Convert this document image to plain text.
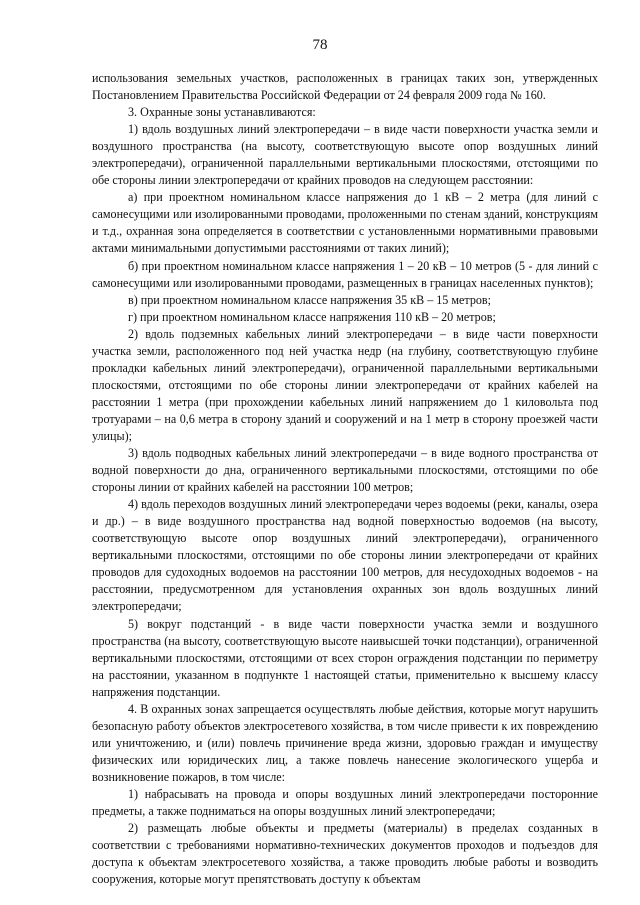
78

использования земельных участков, расположенных в границах таких зон, утвержденных Постановлением Правительства Российской Федерации от 24 февраля 2009 года № 160.

3. Охранные зоны устанавливаются:

1) вдоль воздушных линий электропередачи – в виде части поверхности участка земли и воздушного пространства (на высоту, соответствующую высоте опор воздушных линий электропередачи), ограниченной параллельными вертикальными плоскостями, отстоящими по обе стороны линии электропередачи от крайних проводов на следующем расстоянии:

а) при проектном номинальном классе напряжения до 1 кВ – 2 метра (для линий с самонесущими или изолированными проводами, проложенными по стенам зданий, конструкциям и т.д., охранная зона определяется в соответствии с установленными нормативными правовыми актами минимальными допустимыми расстояниями от таких линий);

б) при проектном номинальном классе напряжения 1 – 20 кВ – 10 метров (5 - для линий с самонесущими или изолированными проводами, размещенных в границах населенных пунктов);

в) при проектном номинальном классе напряжения 35 кВ – 15 метров;

г) при проектном номинальном классе напряжения 110 кВ – 20 метров;

2) вдоль подземных кабельных линий электропередачи – в виде части поверхности участка земли, расположенного под ней участка недр (на глубину, соответствующую глубине прокладки кабельных линий электропередачи), ограниченной параллельными вертикальными плоскостями, отстоящими по обе стороны линии электропередачи от крайних кабелей на расстоянии 1 метра (при прохождении кабельных линий напряжением до 1 киловольта под тротуарами – на 0,6 метра в сторону зданий и сооружений и на 1 метр в сторону проезжей части улицы);

3) вдоль подводных кабельных линий электропередачи – в виде водного пространства от водной поверхности до дна, ограниченного вертикальными плоскостями, отстоящими по обе стороны линии от крайних кабелей на расстоянии 100 метров;

4) вдоль переходов воздушных линий электропередачи через водоемы (реки, каналы, озера и др.) – в виде воздушного пространства над водной поверхностью водоемов (на высоту, соответствующую высоте опор воздушных линий электропередачи), ограниченного вертикальными плоскостями, отстоящими по обе стороны линии электропередачи от крайних проводов для судоходных водоемов на расстоянии 100 метров, для несудоходных водоемов - на расстоянии, предусмотренном для установления охранных зон вдоль воздушных линий электропередачи;

5) вокруг подстанций - в виде части поверхности участка земли и воздушного пространства (на высоту, соответствующую высоте наивысшей точки подстанции), ограниченной вертикальными плоскостями, отстоящими от всех сторон ограждения подстанции по периметру на расстоянии, указанном в подпункте 1 настоящей статьи, применительно к высшему классу напряжения подстанции.

4. В охранных зонах запрещается осуществлять любые действия, которые могут нарушить безопасную работу объектов электросетевого хозяйства, в том числе привести к их повреждению или уничтожению, и (или) повлечь причинение вреда жизни, здоровью граждан и имуществу физических или юридических лиц, а также повлечь нанесение экологического ущерба и возникновение пожаров, в том числе:

1) набрасывать на провода и опоры воздушных линий электропередачи посторонние предметы, а также подниматься на опоры воздушных линий электропередачи;

2) размещать любые объекты и предметы (материалы) в пределах созданных в соответствии с требованиями нормативно-технических документов проходов и подъездов для доступа к объектам электросетевого хозяйства, а также проводить любые работы и возводить сооружения, которые могут препятствовать доступу к объектам
